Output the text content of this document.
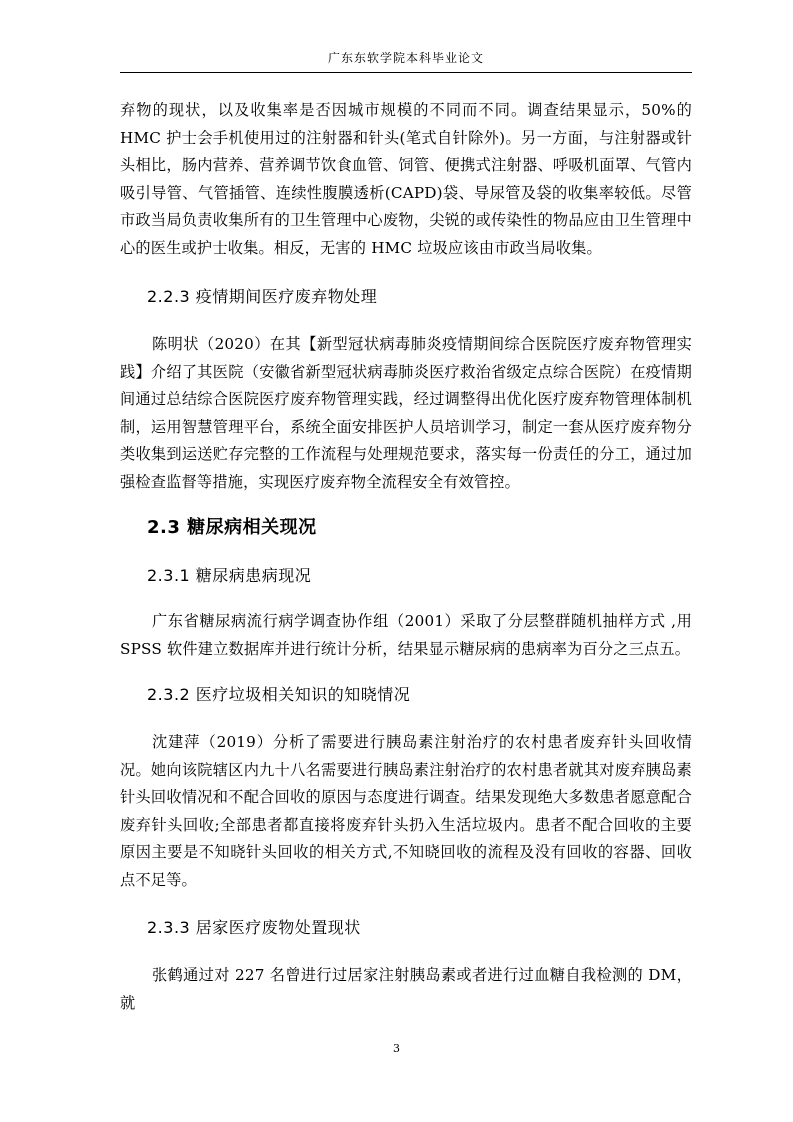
广东东软学院本科毕业论文

弃物的现状，以及收集率是否因城市规模的不同而不同。调查结果显示，50%的 HMC 护士会手机使用过的注射器和针头(笔式自针除外)。另一方面，与注射器或针头相比，肠内营养、营养调节饮食血管、饲管、便携式注射器、呼吸机面罩、气管内吸引导管、气管插管、连续性腹膜透析(CAPD)袋、导尿管及袋的收集率较低。尽管市政当局负责收集所有的卫生管理中心废物，尖锐的或传染性的物品应由卫生管理中心的医生或护士收集。相反，无害的 HMC 垃圾应该由市政当局收集。

2.2.3 疫情期间医疗废弃物处理

陈明状（2020）在其【新型冠状病毒肺炎疫情期间综合医院医疗废弃物管理实践】介绍了其医院（安徽省新型冠状病毒肺炎医疗救治省级定点综合医院）在疫情期间通过总结综合医院医疗废弃物管理实践，经过调整得出优化医疗废弃物管理体制机制，运用智慧管理平台，系统全面安排医护人员培训学习，制定一套从医疗废弃物分类收集到运送贮存完整的工作流程与处理规范要求，落实每一份责任的分工，通过加强检查监督等措施，实现医疗废弃物全流程安全有效管控。

2.3 糖尿病相关现况
2.3.1 糖尿病患病现况

广东省糖尿病流行病学调查协作组（2001）采取了分层整群随机抽样方式 ,用 SPSS 软件建立数据库并进行统计分析，结果显示糖尿病的患病率为百分之三点五。

2.3.2 医疗垃圾相关知识的知晓情况

沈建萍（2019）分析了需要进行胰岛素注射治疗的农村患者废弃针头回收情况。她向该院辖区内九十八名需要进行胰岛素注射治疗的农村患者就其对废弃胰岛素针头回收情况和不配合回收的原因与态度进行调查。结果发现绝大多数患者愿意配合废弃针头回收;全部患者都直接将废弃针头扔入生活垃圾内。患者不配合回收的主要原因主要是不知晓针头回收的相关方式,不知晓回收的流程及没有回收的容器、回收点不足等。

2.3.3 居家医疗废物处置现状

张鹤通过对 227 名曾进行过居家注射胰岛素或者进行过血糖自我检测的 DM，就

3
